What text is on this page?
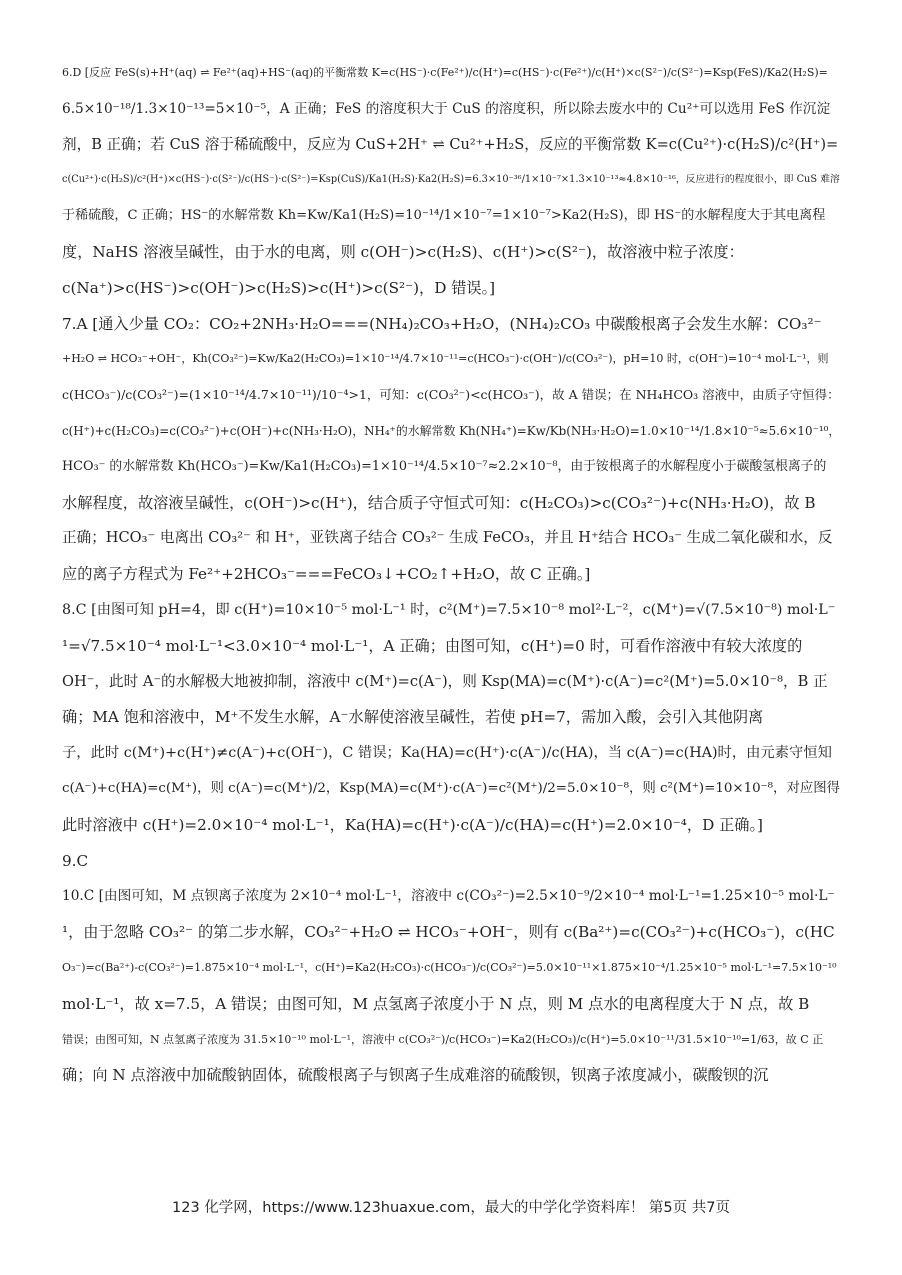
6.D [反应 FeS(s)+H⁺(aq) ⇌ Fe²⁺(aq)+HS⁻(aq)的平衡常数 K=c(HS⁻)·c(Fe²⁺)/c(H⁺)=c(HS⁻)·c(Fe²⁺)/c(H⁺)×c(S²⁻)/c(S²⁻)=Ksp(FeS)/Ka2(H₂S)=
6.5×10⁻¹⁸/1.3×10⁻¹³=5×10⁻⁵，A 正确；FeS 的溶度积大于 CuS 的溶度积，所以除去废水中的 Cu²⁺可以选用 FeS 作沉淀
剂，B 正确；若 CuS 溶于稀硫酸中，反应为 CuS+2H⁺ ⇌ Cu²⁺+H₂S，反应的平衡常数 K=c(Cu²⁺)·c(H₂S)/c²(H⁺)=
c(Cu²⁺)·c(H₂S)/c²(H⁺)×c(HS⁻)·c(S²⁻)/c(HS⁻)·c(S²⁻)=Ksp(CuS)/Ka1(H₂S)·Ka2(H₂S)=6.3×10⁻³⁶/1×10⁻⁷×1.3×10⁻¹³≈4.8×10⁻¹⁶，反应进行的程度很小，即 CuS 难溶
于稀硫酸，C 正确；HS⁻的水解常数 Kh=Kw/Ka1(H₂S)=10⁻¹⁴/1×10⁻⁷=1×10⁻⁷>Ka2(H₂S)，即 HS⁻的水解程度大于其电离程
度，NaHS 溶液呈碱性，由于水的电离，则 c(OH⁻)>c(H₂S)、c(H⁺)>c(S²⁻)，故溶液中粒子浓度：
c(Na⁺)>c(HS⁻)>c(OH⁻)>c(H₂S)>c(H⁺)>c(S²⁻)，D 错误。]
7.A [通入少量 CO₂：CO₂+2NH₃·H₂O===(NH₄)₂CO₃+H₂O，(NH₄)₂CO₃ 中碳酸根离子会发生水解：CO₃²⁻
+H₂O ⇌ HCO₃⁻+OH⁻，Kh(CO₃²⁻)=Kw/Ka2(H₂CO₃)=1×10⁻¹⁴/4.7×10⁻¹¹=c(HCO₃⁻)·c(OH⁻)/c(CO₃²⁻)，pH=10 时，c(OH⁻)=10⁻⁴ mol·L⁻¹，则
c(HCO₃⁻)/c(CO₃²⁻)=(1×10⁻¹⁴/4.7×10⁻¹¹)/10⁻⁴>1，可知：c(CO₃²⁻)<c(HCO₃⁻)，故 A 错误；在 NH₄HCO₃ 溶液中，由质子守恒得：
c(H⁺)+c(H₂CO₃)=c(CO₃²⁻)+c(OH⁻)+c(NH₃·H₂O)，NH₄⁺的水解常数 Kh(NH₄⁺)=Kw/Kb(NH₃·H₂O)=1.0×10⁻¹⁴/1.8×10⁻⁵≈5.6×10⁻¹⁰，
HCO₃⁻ 的水解常数 Kh(HCO₃⁻)=Kw/Ka1(H₂CO₃)=1×10⁻¹⁴/4.5×10⁻⁷≈2.2×10⁻⁸，由于铵根离子的水解程度小于碳酸氢根离子的
水解程度，故溶液呈碱性，c(OH⁻)>c(H⁺)，结合质子守恒式可知：c(H₂CO₃)>c(CO₃²⁻)+c(NH₃·H₂O)，故 B
正确；HCO₃⁻ 电离出 CO₃²⁻ 和 H⁺，亚铁离子结合 CO₃²⁻ 生成 FeCO₃，并且 H⁺结合 HCO₃⁻ 生成二氧化碳和水，反
应的离子方程式为 Fe²⁺+2HCO₃⁻===FeCO₃↓+CO₂↑+H₂O，故 C 正确。]
8.C [由图可知 pH=4，即 c(H⁺)=10×10⁻⁵ mol·L⁻¹ 时，c²(M⁺)=7.5×10⁻⁸ mol²·L⁻²，c(M⁺)=√(7.5×10⁻⁸) mol·L⁻
¹=√7.5×10⁻⁴ mol·L⁻¹<3.0×10⁻⁴ mol·L⁻¹，A 正确；由图可知，c(H⁺)=0 时，可看作溶液中有较大浓度的
OH⁻，此时 A⁻的水解极大地被抑制，溶液中 c(M⁺)=c(A⁻)，则 Ksp(MA)=c(M⁺)·c(A⁻)=c²(M⁺)=5.0×10⁻⁸，B 正
确；MA 饱和溶液中，M⁺不发生水解，A⁻水解使溶液呈碱性，若使 pH=7，需加入酸，会引入其他阴离
子，此时 c(M⁺)+c(H⁺)≠c(A⁻)+c(OH⁻)，C 错误；Ka(HA)=c(H⁺)·c(A⁻)/c(HA)，当 c(A⁻)=c(HA)时，由元素守恒知
c(A⁻)+c(HA)=c(M⁺)，则 c(A⁻)=c(M⁺)/2，Ksp(MA)=c(M⁺)·c(A⁻)=c²(M⁺)/2=5.0×10⁻⁸，则 c²(M⁺)=10×10⁻⁸，对应图得
此时溶液中 c(H⁺)=2.0×10⁻⁴ mol·L⁻¹，Ka(HA)=c(H⁺)·c(A⁻)/c(HA)=c(H⁺)=2.0×10⁻⁴，D 正确。]
9.C
10.C [由图可知，M 点钡离子浓度为 2×10⁻⁴ mol·L⁻¹，溶液中 c(CO₃²⁻)=2.5×10⁻⁹/2×10⁻⁴ mol·L⁻¹=1.25×10⁻⁵ mol·L⁻
¹，由于忽略 CO₃²⁻ 的第二步水解，CO₃²⁻+H₂O ⇌ HCO₃⁻+OH⁻，则有 c(Ba²⁺)=c(CO₃²⁻)+c(HCO₃⁻)，c(HC
O₃⁻)=c(Ba²⁺)-c(CO₃²⁻)=1.875×10⁻⁴ mol·L⁻¹，c(H⁺)=Ka2(H₂CO₃)·c(HCO₃⁻)/c(CO₃²⁻)=5.0×10⁻¹¹×1.875×10⁻⁴/1.25×10⁻⁵ mol·L⁻¹=7.5×10⁻¹⁰
mol·L⁻¹，故 x=7.5，A 错误；由图可知，M 点氢离子浓度小于 N 点，则 M 点水的电离程度大于 N 点，故 B
错误；由图可知，N 点氢离子浓度为 31.5×10⁻¹⁰ mol·L⁻¹，溶液中 c(CO₃²⁻)/c(HCO₃⁻)=Ka2(H₂CO₃)/c(H⁺)=5.0×10⁻¹¹/31.5×10⁻¹⁰=1/63，故 C 正
确；向 N 点溶液中加硫酸钠固体，硫酸根离子与钡离子生成难溶的硫酸钡，钡离子浓度减小，碳酸钡的沉
123 化学网，https://www.123huaxue.com，最大的中学化学资料库！ 第5页 共7页
